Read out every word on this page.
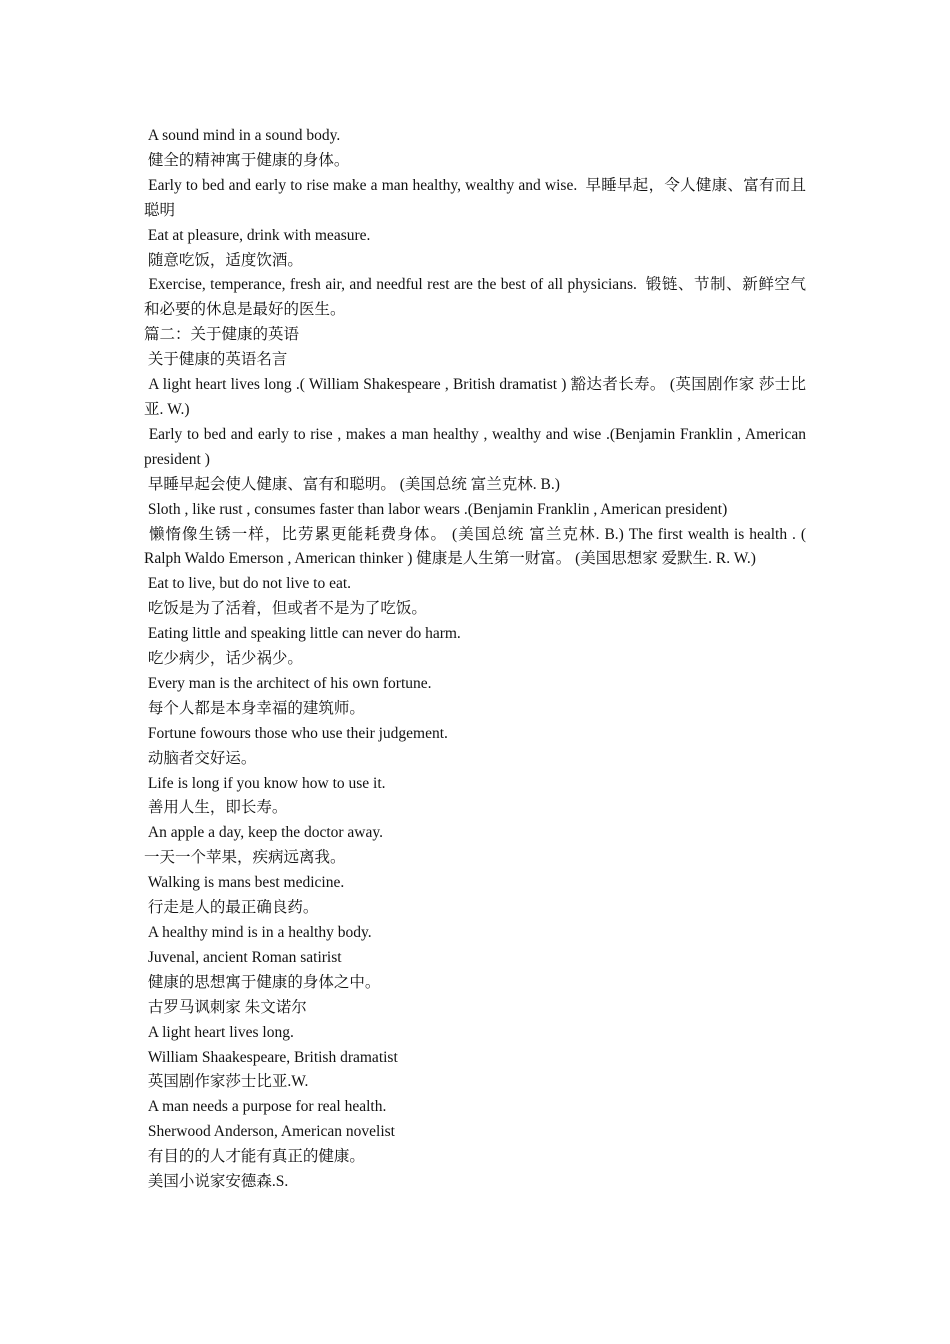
A sound mind in a sound body.

健全的精神寓于健康的身体。

Early to bed and early to rise make a man healthy, wealthy and wise.  早睡早起，令人健康、富有而且聪明

Eat at pleasure, drink with measure.

随意吃饭，适度饮酒。

Exercise, temperance, fresh air, and needful rest are the best of all physicians.  锻链、节制、新鲜空气和必要的休息是最好的医生。

篇二：关于健康的英语

关于健康的英语名言

A light heart lives long .( William Shakespeare , British dramatist ) 豁达者长寿。 (英国剧作家 莎士比亚. W.)

Early to bed and early to rise , makes a man healthy , wealthy and wise .(Benjamin Franklin , American president )

早睡早起会使人健康、富有和聪明。 (美国总统 富兰克林. B.)

Sloth , like rust , consumes faster than labor wears .(Benjamin Franklin , American president)

懒惰像生锈一样，比劳累更能耗费身体。 (美国总统 富兰克林. B.) The first wealth is health . ( Ralph Waldo Emerson , American thinker ) 健康是人生第一财富。 (美国思想家 爱默生. R. W.)

Eat to live, but do not live to eat.

吃饭是为了活着，但或者不是为了吃饭。

Eating little and speaking little can never do harm.

吃少病少，话少祸少。

Every man is the architect of his own fortune.

每个人都是本身幸福的建筑师。

Fortune fowours those who use their judgement.

动脑者交好运。

Life is long if you know how to use it.

善用人生，即长寿。

An apple a day, keep the doctor away.

一天一个苹果，疾病远离我。

Walking is mans best medicine.

行走是人的最正确良药。

A healthy mind is in a healthy body.

Juvenal, ancient Roman satirist

健康的思想寓于健康的身体之中。

古罗马讽刺家 朱文诺尔

A light heart lives long.

William Shaakespeare, British dramatist

英国剧作家莎士比亚.W.

A man needs a purpose for real health.

Sherwood Anderson, American novelist

有目的的人才能有真正的健康。

美国小说家安德森.S.
